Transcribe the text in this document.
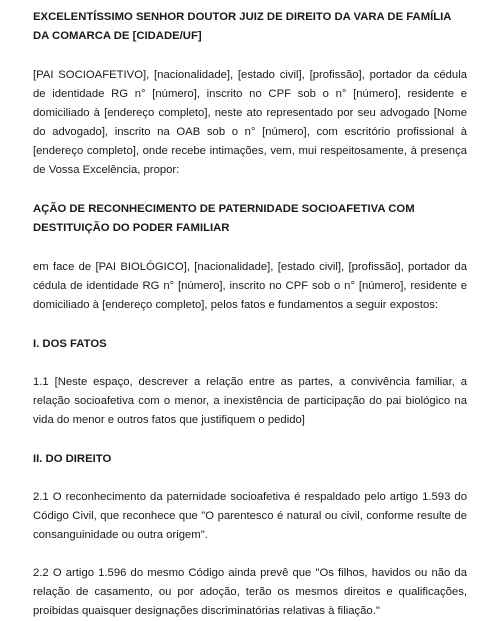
EXCELENTÍSSIMO SENHOR DOUTOR JUIZ DE DIREITO DA VARA DE FAMÍLIA DA COMARCA DE [CIDADE/UF]

[PAI SOCIOAFETIVO], [nacionalidade], [estado civil], [profissão], portador da cédula de identidade RG n° [número], inscrito no CPF sob o n° [número], residente e domiciliado à [endereço completo], neste ato representado por seu advogado [Nome do advogado], inscrito na OAB sob o n° [número], com escritório profissional à [endereço completo], onde recebe intimações, vem, mui respeitosamente, à presença de Vossa Excelência, propor:

AÇÃO DE RECONHECIMENTO DE PATERNIDADE SOCIOAFETIVA COM DESTITUIÇÃO DO PODER FAMILIAR

em face de [PAI BIOLÓGICO], [nacionalidade], [estado civil], [profissão], portador da cédula de identidade RG n° [número], inscrito no CPF sob o n° [número], residente e domiciliado à [endereço completo], pelos fatos e fundamentos a seguir expostos:

I. DOS FATOS

1.1 [Neste espaço, descrever a relação entre as partes, a convivência familiar, a relação socioafetiva com o menor, a inexistência de participação do pai biológico na vida do menor e outros fatos que justifiquem o pedido]

II. DO DIREITO

2.1 O reconhecimento da paternidade socioafetiva é respaldado pelo artigo 1.593 do Código Civil, que reconhece que "O parentesco é natural ou civil, conforme resulte de consanguinidade ou outra origem".

2.2 O artigo 1.596 do mesmo Código ainda prevê que "Os filhos, havidos ou não da relação de casamento, ou por adoção, terão os mesmos direitos e qualificações, proibidas quaisquer designações discriminatórias relativas à filiação."
